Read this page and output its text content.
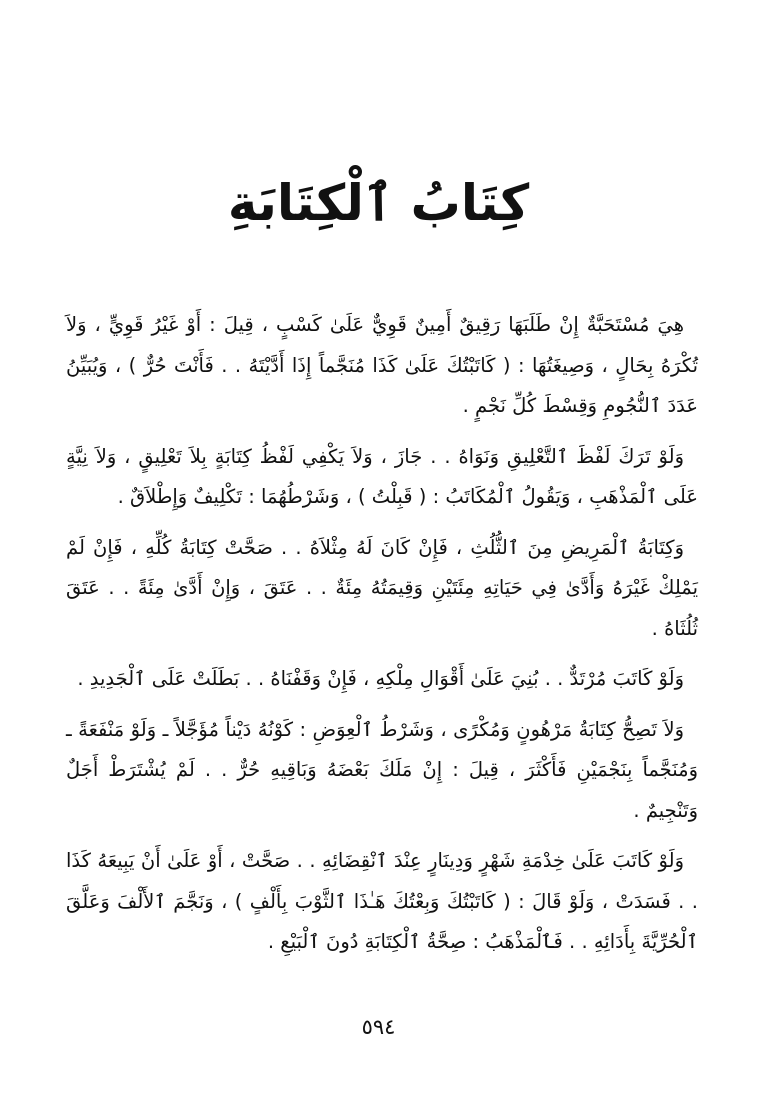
كِتَابُ ٱلْكِتَابَةِ

هِيَ مُسْتَحَبَّةٌ إِنْ طَلَبَهَا رَقِيقٌ أَمِينٌ قَوِيٌّ عَلَىٰ كَسْبٍ ، قِيلَ : أَوْ غَيْرُ قَوِيٍّ ، وَلاَ تُكْرَهُ بِحَالٍ ، وَصِيغَتُهَا : ( كَاتَبْتُكَ عَلَىٰ كَذَا مُنَجَّماً إِذَا أَدَّيْتَهُ . . فَأَنْتَ حُرٌّ ) ، وَيُبَيِّنُ عَدَدَ ٱلنُّجُومِ وَقِسْطَ كُلِّ نَجْمٍ .

وَلَوْ تَرَكَ لَفْظَ ٱلتَّعْلِيقِ وَنَوَاهُ . . جَازَ ، وَلاَ يَكْفِي لَفْظُ كِتَابَةٍ بِلاَ تَعْلِيقٍ ، وَلاَ نِيَّةٍ عَلَى ٱلْمَذْهَبِ ، وَيَقُولُ ٱلْمُكَاتَبُ : ( قَبِلْتُ ) ، وَشَرْطُهُمَا : تَكْلِيفٌ وَإِطْلاَقٌ .

وَكِتَابَةُ ٱلْمَرِيضِ مِنَ ٱلثُّلُثِ ، فَإِنْ كَانَ لَهُ مِثْلاَهُ . . صَحَّتْ كِتَابَةُ كُلِّهِ ، فَإِنْ لَمْ يَمْلِكْ غَيْرَهُ وَأَدَّىٰ فِي حَيَاتِهِ مِئَتَيْنِ وَقِيمَتُهُ مِئَةٌ . . عَتَقَ ، وَإِنْ أَدَّىٰ مِئَةً . . عَتَقَ ثُلُثَاهُ .

وَلَوْ كَاتَبَ مُرْتَدٌّ . . بُنِيَ عَلَىٰ أَقْوَالِ مِلْكِهِ ، فَإِنْ وَقَفْنَاهُ . . بَطَلَتْ عَلَى ٱلْجَدِيدِ .

وَلاَ تَصِحُّ كِتَابَةُ مَرْهُونٍ وَمُكْرًى ، وَشَرْطُ ٱلْعِوَضِ : كَوْنُهُ دَيْناً مُؤَجَّلاً ـ وَلَوْ مَنْفَعَةً ـ وَمُنَجَّماً بِنَجْمَيْنِ فَأَكْثَرَ ، قِيلَ : إِنْ مَلَكَ بَعْضَهُ وَبَاقِيهِ حُرٌّ . . لَمْ يُشْتَرَطْ أَجَلٌ وَتَنْجِيمٌ .

وَلَوْ كَاتَبَ عَلَىٰ خِدْمَةِ شَهْرٍ وَدِينَارٍ عِنْدَ ٱنْقِضَائِهِ . . صَحَّتْ ، أَوْ عَلَىٰ أَنْ يَبِيعَهُ كَذَا . . فَسَدَتْ ، وَلَوْ قَالَ : ( كَاتَبْتُكَ وَبِعْتُكَ هَـٰذَا ٱلثَّوْبَ بِأَلْفٍ ) ، وَنَجَّمَ ٱلأَلْفَ وَعَلَّقَ ٱلْحُرِّيَّةَ بِأَدَائِهِ . . فَٱلْمَذْهَبُ : صِحَّةُ ٱلْكِتَابَةِ دُونَ ٱلْبَيْعِ .

٥٩٤
